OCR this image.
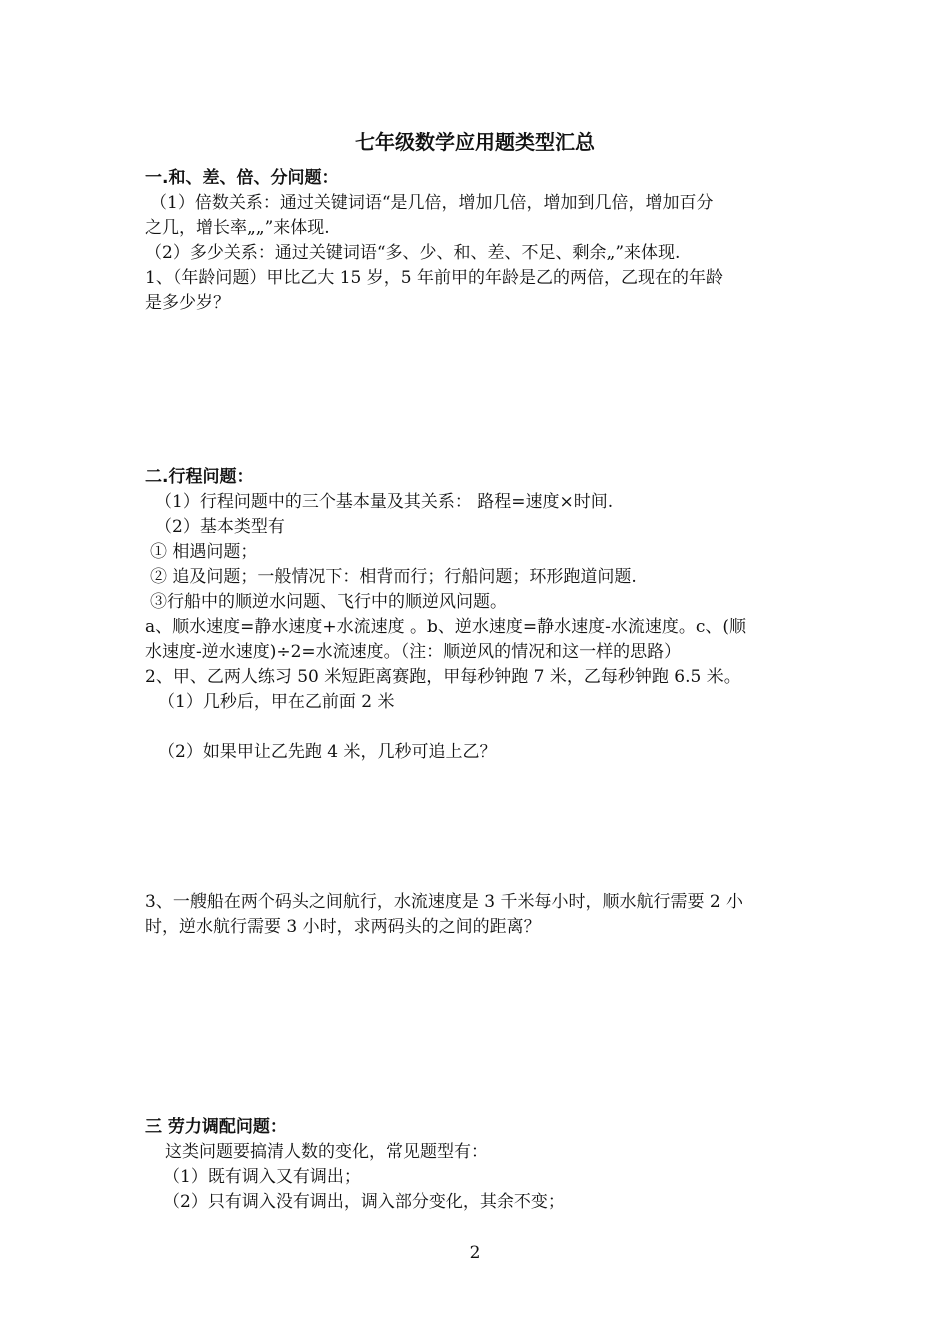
七年级数学应用题类型汇总
一.和、差、倍、分问题：
（1）倍数关系：通过关键词语“是几倍，增加几倍，增加到几倍，增加百分
之几，增长率„„”来体现.
（2）多少关系：通过关键词语“多、少、和、差、不足、剩余„”来体现.
1、（年龄问题）甲比乙大 15 岁，5 年前甲的年龄是乙的两倍，乙现在的年龄
是多少岁？
二.行程问题：
（1）行程问题中的三个基本量及其关系： 路程=速度×时间.
（2）基本类型有
① 相遇问题；
② 追及问题；一般情况下：相背而行；行船问题；环形跑道问题.
③行船中的顺逆水问题、飞行中的顺逆风问题。
a、顺水速度=静水速度+水流速度 。b、逆水速度=静水速度-水流速度。c、(顺
水速度-逆水速度)÷2=水流速度。（注：顺逆风的情况和这一样的思路）
2、甲、乙两人练习 50 米短距离赛跑，甲每秒钟跑 7 米，乙每秒钟跑 6.5 米。
（1）几秒后，甲在乙前面 2 米
（2）如果甲让乙先跑 4 米，几秒可追上乙？
3、一艘船在两个码头之间航行，水流速度是 3 千米每小时，顺水航行需要 2 小
时，逆水航行需要 3 小时，求两码头的之间的距离？
三 劳力调配问题：
这类问题要搞清人数的变化，常见题型有：
（1）既有调入又有调出；
（2）只有调入没有调出，调入部分变化，其余不变；
2
